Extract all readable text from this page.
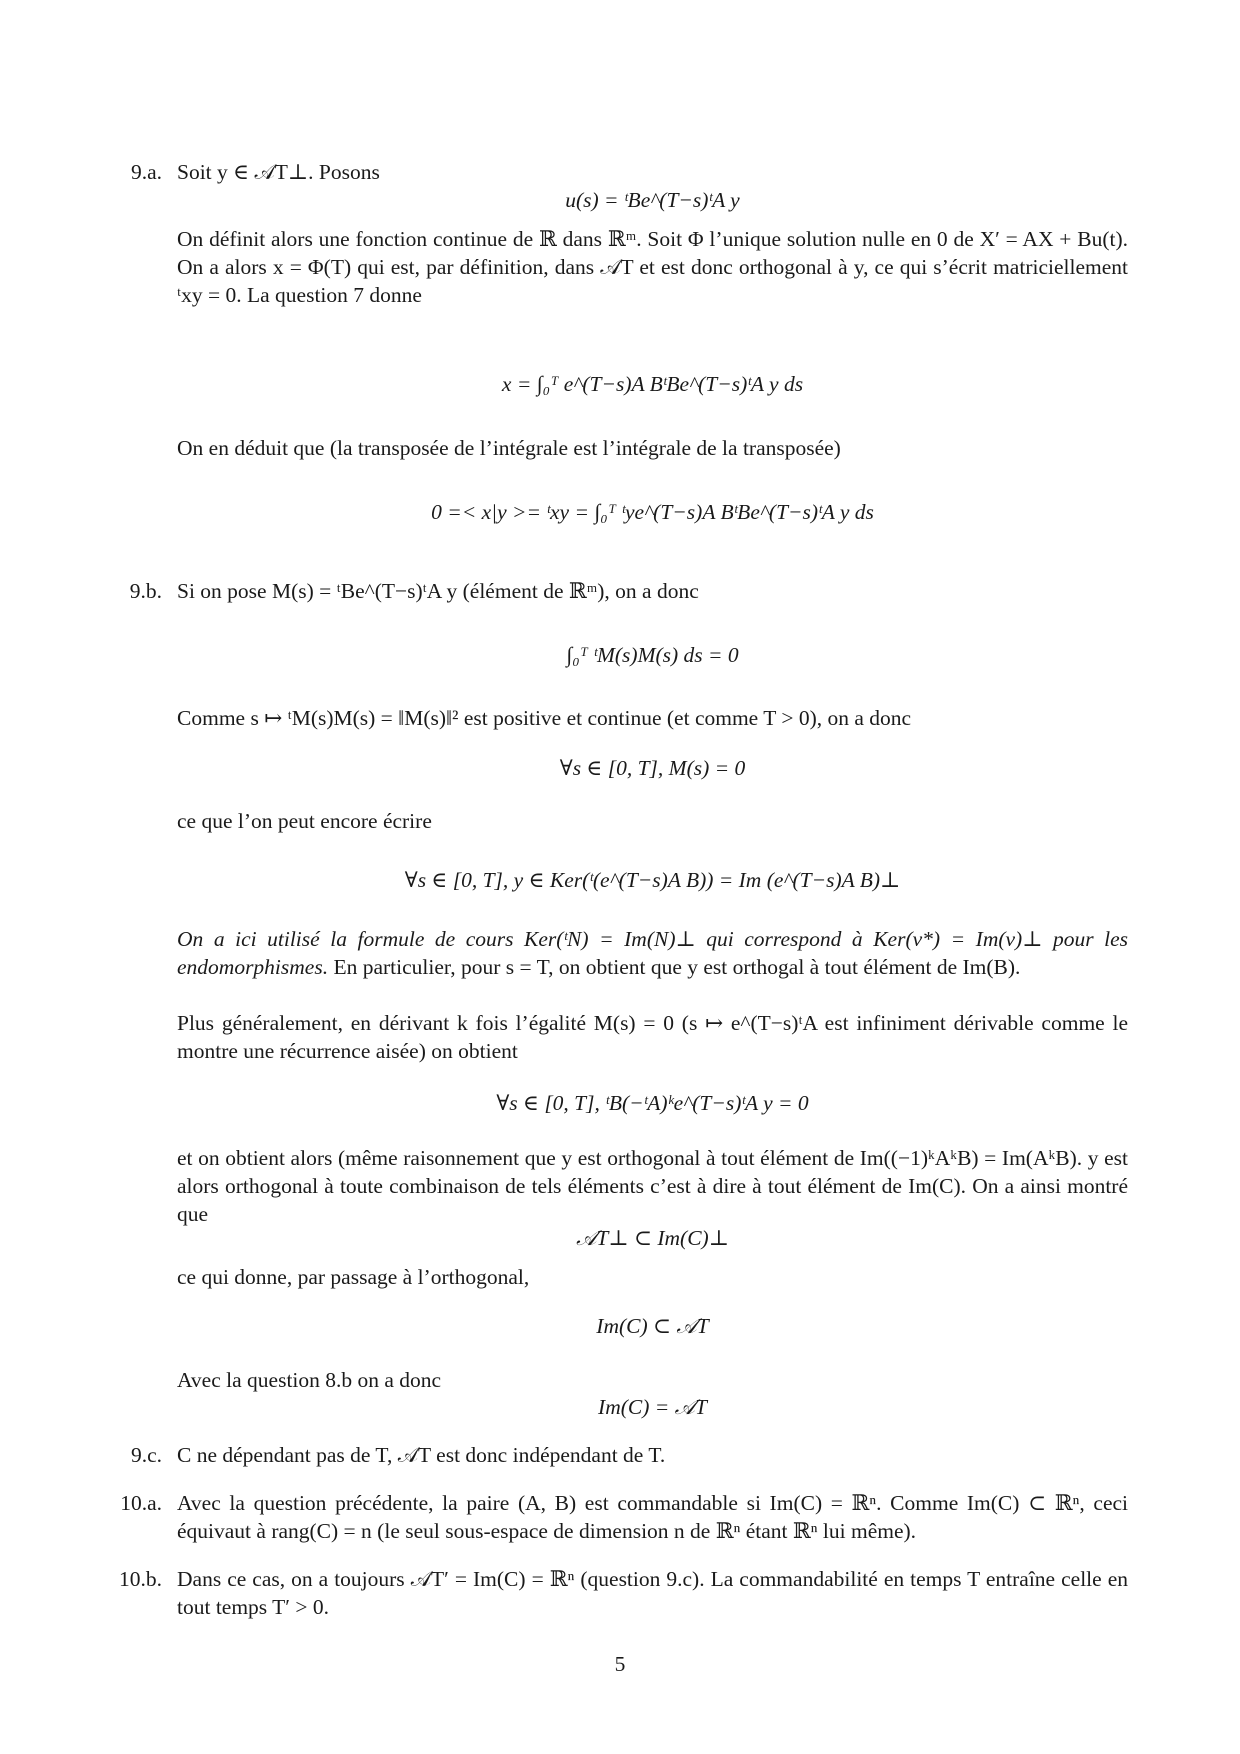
9.a. Soit y ∈ 𝒜T⊥. Posons
u(s) = ᵗBe^(T−s)ᵗA y
On définit alors une fonction continue de ℝ dans ℝᵐ. Soit Φ l’unique solution nulle en 0 de X′ = AX + Bu(t). On a alors x = Φ(T) qui est, par définition, dans 𝒜T et est donc orthogonal à y, ce qui s’écrit matriciellement ᵗxy = 0. La question 7 donne
x = ∫₀ᵀ e^(T−s)A BᵗBe^(T−s)ᵗA y ds
On en déduit que (la transposée de l’intégrale est l’intégrale de la transposée)
0 =< x|y >= ᵗxy = ∫₀ᵀ ᵗye^(T−s)A BᵗBe^(T−s)ᵗA y ds
9.b. Si on pose M(s) = ᵗBe^(T−s)ᵗA y (élément de ℝᵐ), on a donc
∫₀ᵀ ᵗM(s)M(s) ds = 0
Comme s ↦ ᵗM(s)M(s) = ‖M(s)‖² est positive et continue (et comme T > 0), on a donc
∀s ∈ [0, T], M(s) = 0
ce que l’on peut encore écrire
∀s ∈ [0, T], y ∈ Ker(ᵗ(e^(T−s)A B)) = Im (e^(T−s)A B)⊥
On a ici utilisé la formule de cours Ker(ᵗN) = Im(N)⊥ qui correspond à Ker(v*) = Im(v)⊥ pour les endomorphismes. En particulier, pour s = T, on obtient que y est orthogal à tout élément de Im(B).
Plus généralement, en dérivant k fois l’égalité M(s) = 0 (s ↦ e^(T−s)ᵗA est infiniment dérivable comme le montre une récurrence aisée) on obtient
∀s ∈ [0, T], ᵗB(−ᵗA)ᵏe^(T−s)ᵗA y = 0
et on obtient alors (même raisonnement que y est orthogonal à tout élément de Im((−1)ᵏAᵏB) = Im(AᵏB). y est alors orthogonal à toute combinaison de tels éléments c’est à dire à tout élément de Im(C). On a ainsi montré que
𝒜T⊥ ⊂ Im(C)⊥
ce qui donne, par passage à l’orthogonal,
Im(C) ⊂ 𝒜T
Avec la question 8.b on a donc
Im(C) = 𝒜T
9.c. C ne dépendant pas de T, 𝒜T est donc indépendant de T.
10.a. Avec la question précédente, la paire (A, B) est commandable si Im(C) = ℝⁿ. Comme Im(C) ⊂ ℝⁿ, ceci équivaut à rang(C) = n (le seul sous-espace de dimension n de ℝⁿ étant ℝⁿ lui même).
10.b. Dans ce cas, on a toujours 𝒜T′ = Im(C) = ℝⁿ (question 9.c). La commandabilité en temps T entraîne celle en tout temps T′ > 0.
5
